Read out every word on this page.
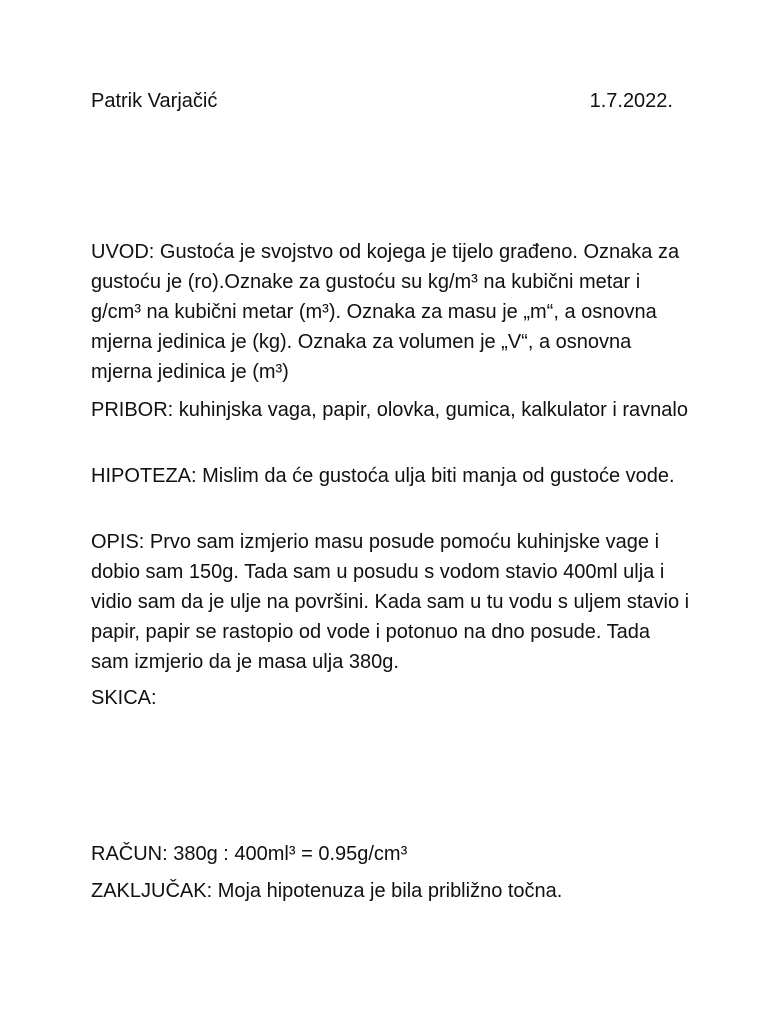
Patrik Varjačić	1.7.2022.

UVOD: Gustoća je svojstvo od kojega je tijelo građeno. Oznaka za gustoću je (ro).Oznake za gustoću su kg/m³ na kubični metar i g/cm³ na kubični metar (m³). Oznaka za masu je „m“, a osnovna mjerna jedinica je (kg). Oznaka za volumen je „V“, a osnovna mjerna jedinica je (m³)

PRIBOR: kuhinjska vaga, papir, olovka, gumica, kalkulator i ravnalo

HIPOTEZA: Mislim da će gustoća ulja biti manja od gustoće vode.

OPIS: Prvo sam izmjerio masu posude pomoću kuhinjske vage i dobio sam 150g. Tada sam u posudu s vodom stavio 400ml ulja i vidio sam da je ulje na površini. Kada sam u tu vodu s uljem stavio i papir, papir se rastopio od vode i potonuo na dno posude. Tada sam izmjerio da je masa ulja 380g.

SKICA:

RAČUN: 380g : 400ml³ = 0.95g/cm³

ZAKLJUČAK: Moja hipotenuza je bila približno točna.
